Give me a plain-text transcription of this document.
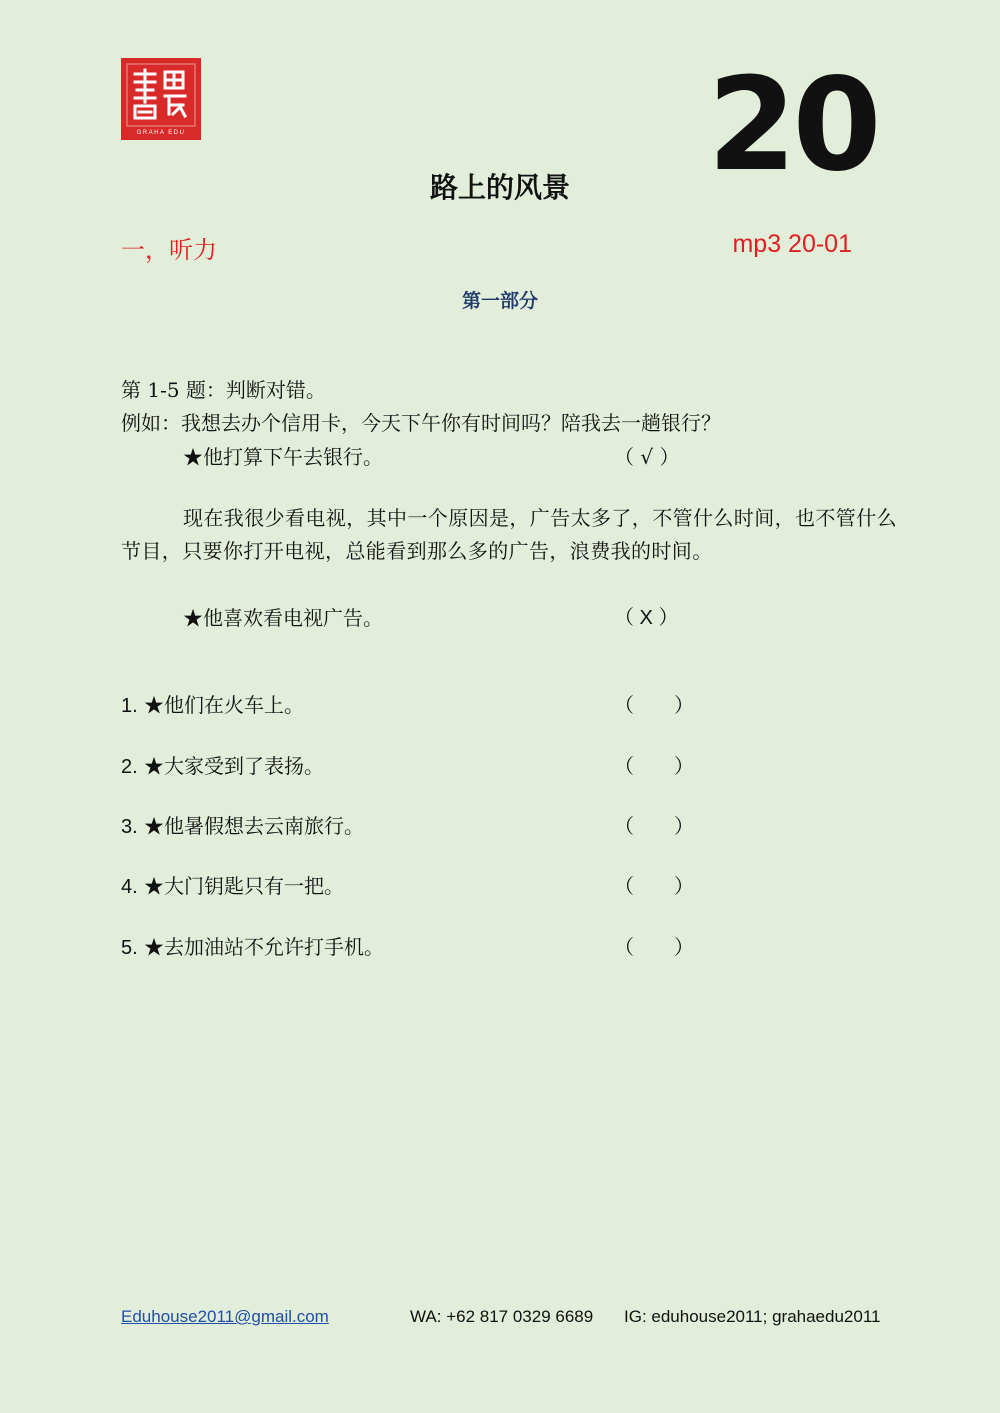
GRAHA EDU	20
路上的风景
一，听力	mp3 20-01
第一部分
第 1-5 题：判断对错。
例如：我想去办个信用卡，今天下午你有时间吗？陪我去一趟银行？
★他打算下午去银行。	（ √ ）
现在我很少看电视，其中一个原因是，广告太多了，不管什么时间，也不管什么节目，只要你打开电视，总能看到那么多的广告，浪费我的时间。
★他喜欢看电视广告。	（ X ）
1. ★他们在火车上。	（　　）
2. ★大家受到了表扬。	（　　）
3. ★他暑假想去云南旅行。	（　　）
4. ★大门钥匙只有一把。	（　　）
5. ★去加油站不允许打手机。	（　　）
Eduhouse2011@gmail.com	WA: +62 817 0329 6689 IG: eduhouse2011; grahaedu2011
